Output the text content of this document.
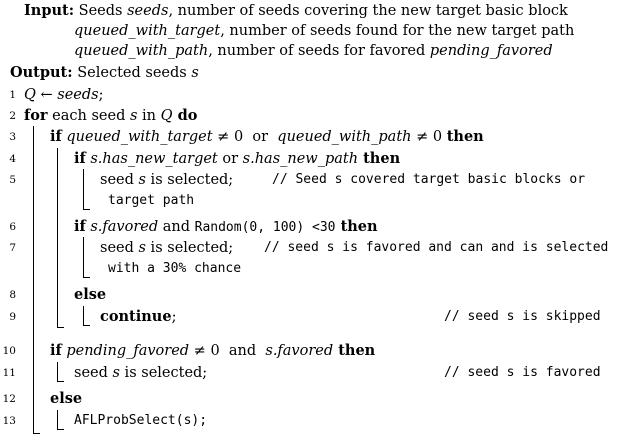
Input: Seeds seeds, number of seeds covering the new target basic block
queued_with_target, number of seeds found for the new target path
queued_with_path, number of seeds for favored pending_favored
Output: Selected seeds s
1
2
3
4
5
6
7
8
9
10
11
12
13
Q ← seeds;
for each seed s in Q do
if queued_with_target ≠ 0  or  queued_with_path ≠ 0 then
if s.has_new_target or s.has_new_path then
seed s is selected;	// Seed s covered target basic blocks or
target path
if s.favored and Random(0, 100) <30 then
seed s is selected; // seed s is favored and can and is selected
with a 30% chance
else
continue;	// seed s is skipped
if pending_favored ≠ 0  and  s.favored then
seed s is selected;	// seed s is favored
else
AFLProbSelect(s);
